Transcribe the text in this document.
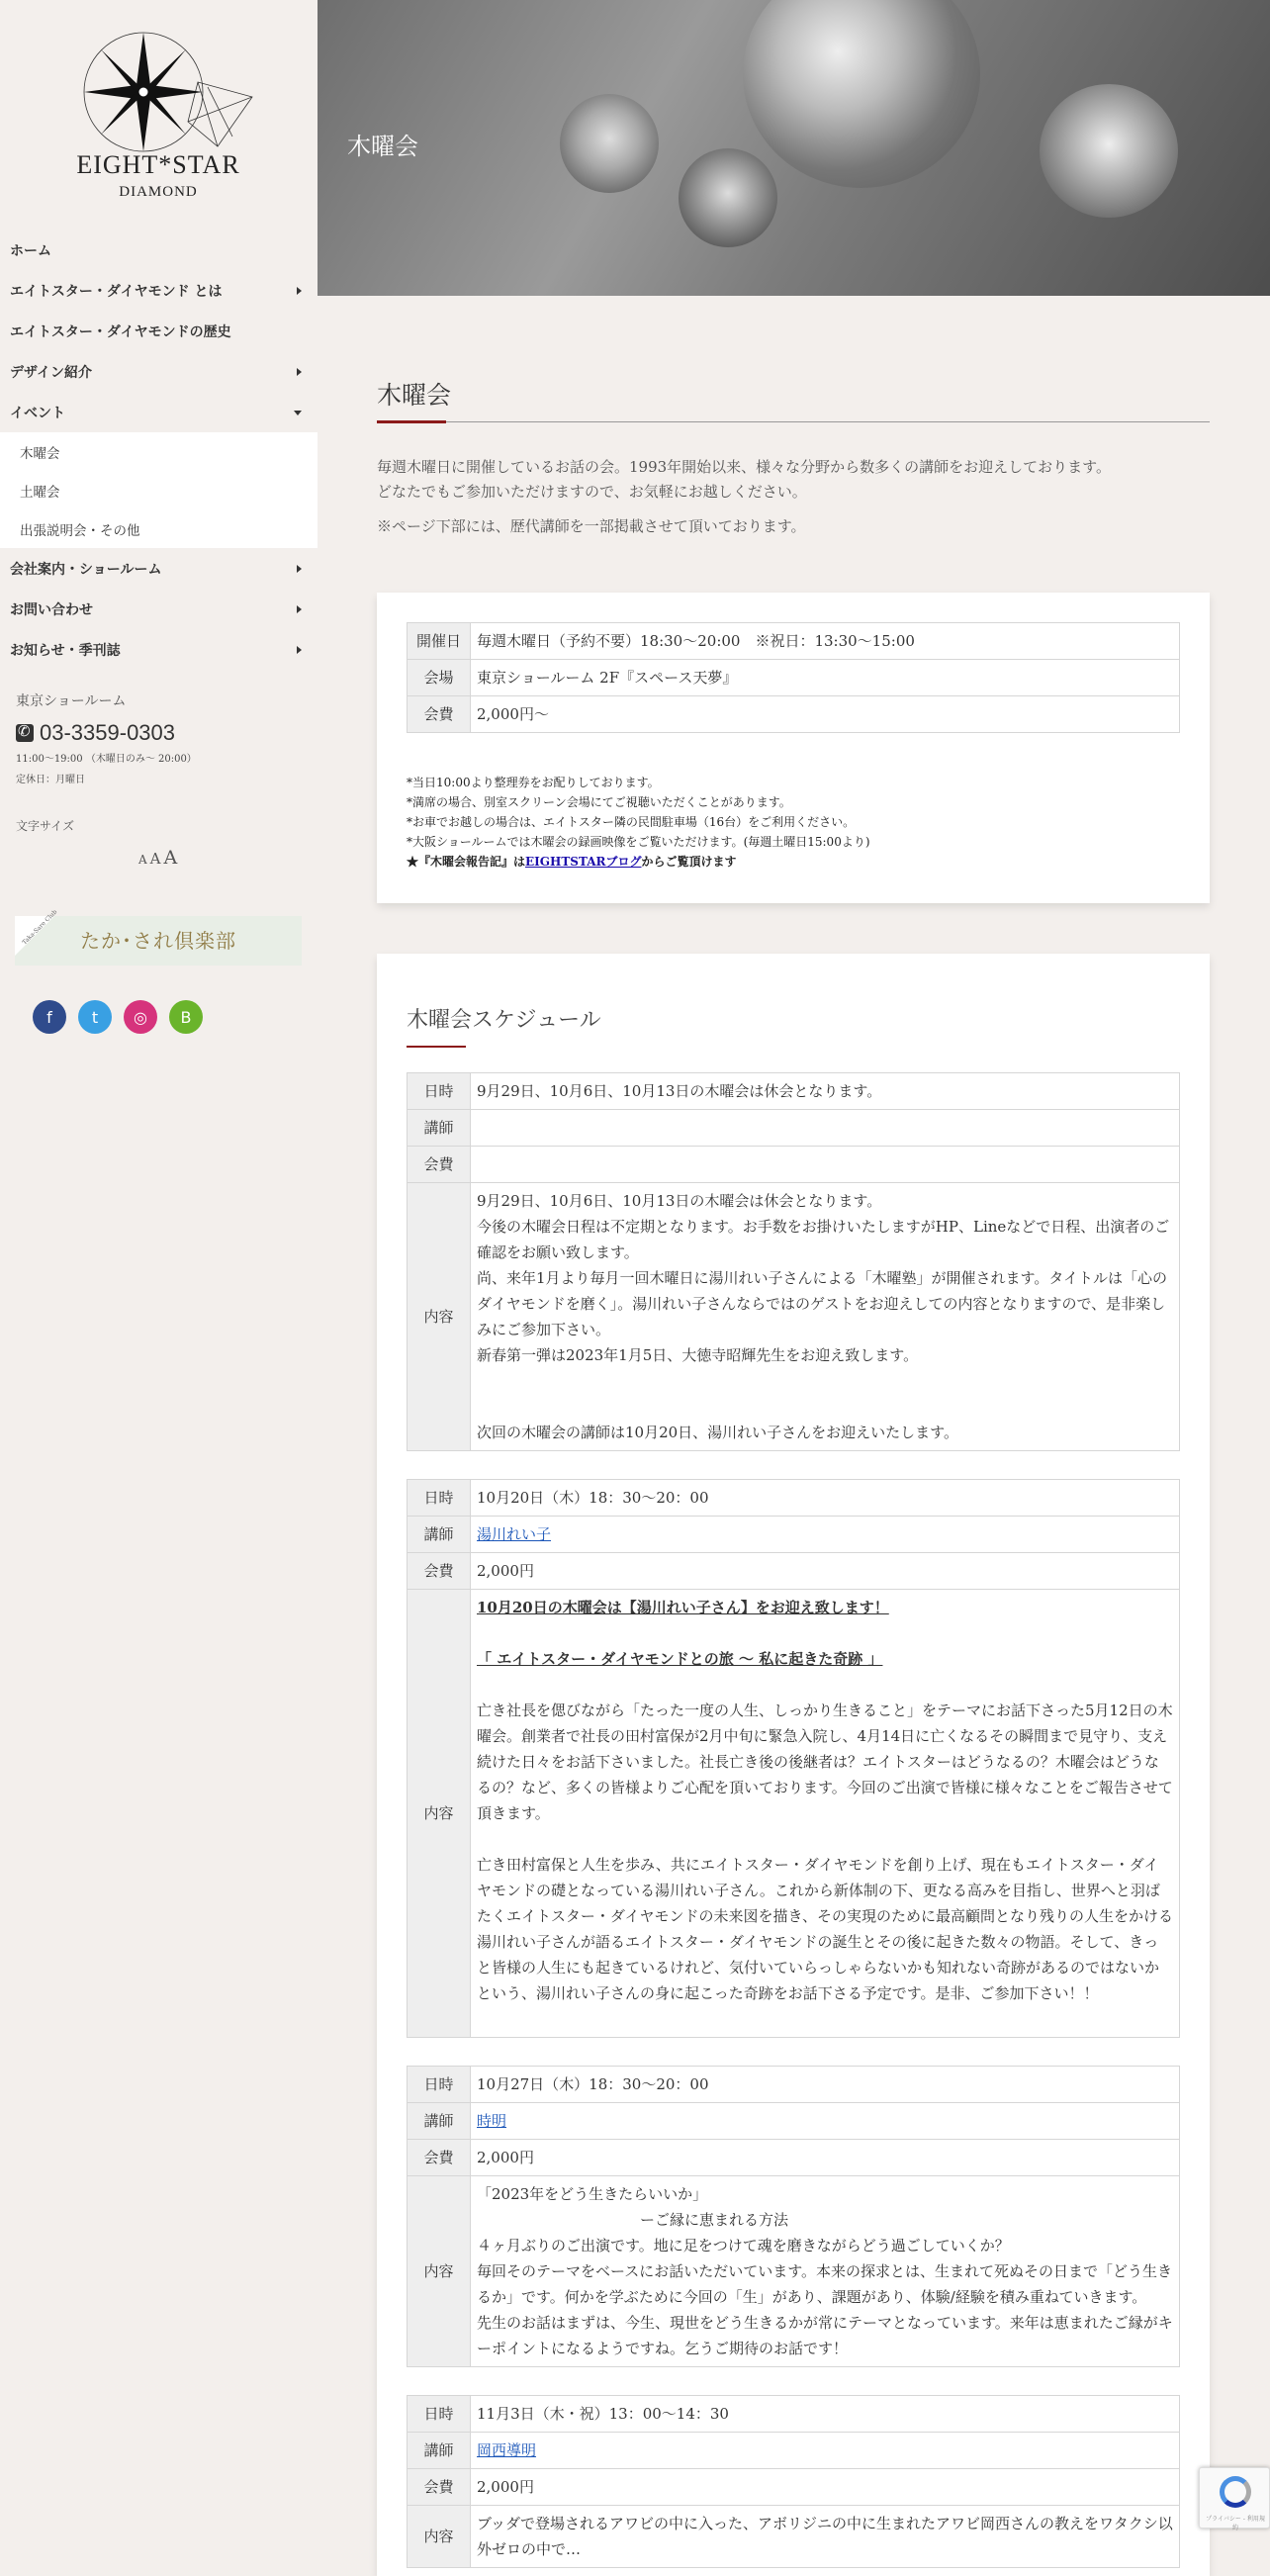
EIGHT*STAR
DIAMOND
ホーム
エイトスター・ダイヤモンド とは
エイトスター・ダイヤモンドの歴史
デザイン紹介
イベント
木曜会
土曜会
出張説明会・その他
会社案内・ショールーム
お問い合わせ
お知らせ・季刊誌
東京ショールーム
✆
03-3359-0303
11:00〜19:00 （木曜日のみ〜 20:00）
定休日：月曜日
文字サイズ
A A A
Taka-Sare Club	たか･され倶楽部
f	t	◎	B
木曜会
木曜会

毎週木曜日に開催しているお話の会。1993年開始以来、様々な分野から数多くの講師をお迎えしております。
どなたでもご参加いただけますので、お気軽にお越しください。

※ページ下部には、歴代講師を一部掲載させて頂いております。

開催日	毎週木曜日（予約不要）18:30〜20:00　※祝日：13:30〜15:00
会場	東京ショールーム 2F『スペース天夢』
会費	2,000円〜
*当日10:00より整理券をお配りしております。
*満席の場合、別室スクリーン会場にてご視聴いただくことがあります。
*お車でお越しの場合は、エイトスター隣の民間駐車場（16台）をご利用ください。
*大阪ショールームでは木曜会の録画映像をご覧いただけます。(毎週土曜日15:00より)
★『木曜会報告記』はEIGHTSTARブログからご覧頂けます
木曜会スケジュール
日時	9月29日、10月6日、10月13日の木曜会は休会となります。
講師	
会費	
内容	9月29日、10月6日、10月13日の木曜会は休会となります。
今後の木曜会日程は不定期となります。お手数をお掛けいたしますがHP、Lineなどで日程、出演者のご確認をお願い致します。
尚、来年1月より毎月一回木曜日に湯川れい子さんによる「木曜塾」が開催されます。タイトルは「心のダイヤモンドを磨く」。湯川れい子さんならではのゲストをお迎えしての内容となりますので、是非楽しみにご参加下さい。
新春第一弾は2023年1月5日、大徳寺昭輝先生をお迎え致します。
次回の木曜会の講師は10月20日、湯川れい子さんをお迎えいたします。
日時	10月20日（木）18：30〜20：00
講師	湯川れい子
会費	2,000円
内容	10月20日の木曜会は【湯川れい子さん】をお迎え致します！
「 エイトスター・ダイヤモンドとの旅 〜 私に起きた奇跡 」
亡き社長を偲びながら「たった一度の人生、しっかり生きること」をテーマにお話下さった5月12日の木曜会。創業者で社長の田村富保が2月中旬に緊急入院し、4月14日に亡くなるその瞬間まで見守り、支え続けた日々をお話下さいました。社長亡き後の後継者は？エイトスターはどうなるの？木曜会はどうなるの？など、多くの皆様よりご心配を頂いております。今回のご出演で皆様に様々なことをご報告させて頂きます。
亡き田村富保と人生を歩み、共にエイトスター・ダイヤモンドを創り上げ、現在もエイトスター・ダイヤモンドの礎となっている湯川れい子さん。これから新体制の下、更なる高みを目指し、世界へと羽ばたくエイトスター・ダイヤモンドの未来図を描き、その実現のために最高顧問となり残りの人生をかける湯川れい子さんが語るエイトスター・ダイヤモンドの誕生とその後に起きた数々の物語。そして、きっと皆様の人生にも起きているけれど、気付いていらっしゃらないかも知れない奇跡があるのではないかという、湯川れい子さんの身に起こった奇跡をお話下さる予定です。是非、ご参加下さい！！
日時	10月27日（木）18：30〜20：00
講師	時明
会費	2,000円
内容	「2023年をどう生きたらいいか」
　　　　　　　　　　　ーご縁に恵まれる方法
４ヶ月ぶりのご出演です。地に足をつけて魂を磨きながらどう過ごしていくか？
毎回そのテーマをベースにお話いただいています。本来の探求とは、生まれて死ぬその日まで「どう生きるか」です。何かを学ぶために今回の「生」があり、課題があり、体験/経験を積み重ねていきます。
先生のお話はまずは、今生、現世をどう生きるかが常にテーマとなっています。来年は恵まれたご縁がキーポイントになるようですね。乞うご期待のお話です！
日時	11月3日（木・祝）13：00〜14：30
講師	岡西導明
会費	2,000円
内容	ブッダで登場されるアワビの中に入った、アボリジニの中に生まれたアワビ岡西さんの教えをワタクシ以外ゼロの中で…
プライバシー - 利用規約
